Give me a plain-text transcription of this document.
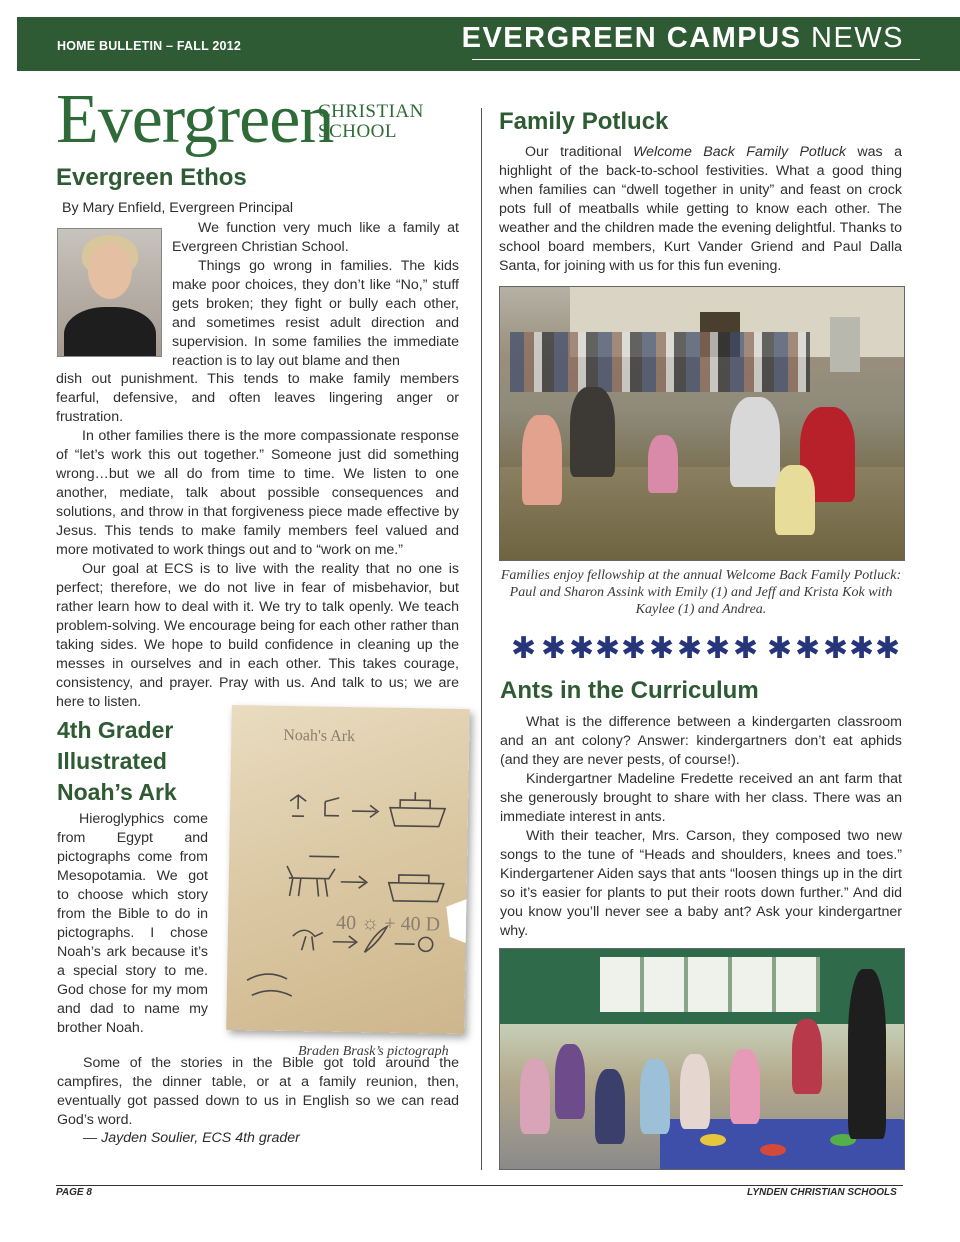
HOME BULLETIN – FALL 2012	EVERGREEN CAMPUS NEWS
Evergreen
CHRISTIAN
SCHOOL
Evergreen Ethos
By Mary Enfield, Evergreen Principal

We function very much like a family at Evergreen Christian School.

Things go wrong in families. The kids make poor choices, they don’t like “No,” stuff gets broken; they fight or bully each other, and sometimes resist adult direction and supervision. In some families the immediate reaction is to lay out blame and then

dish out punishment. This tends to make family members fearful, defensive, and often leaves lingering anger or frustration.

In other families there is the more compassionate response of “let’s work this out together.” Someone just did something wrong…but we all do from time to time. We listen to one another, mediate, talk about possible consequences and solutions, and throw in that forgiveness piece made effective by Jesus. This tends to make family members feel valued and more motivated to work things out and to “work on me.”

Our goal at ECS is to live with the reality that no one is perfect; therefore, we do not live in fear of misbehavior, but rather learn how to deal with it. We try to talk openly. We teach problem-solving. We encourage being for each other rather than taking sides. We hope to build confidence in cleaning up the messes in ourselves and in each other. This takes courage, consistency, and prayer. Pray with us. And talk to us; we are here to listen.

4th Grader
Illustrated
Noah’s Ark

Hieroglyphics come from Egypt and pictographs come from Mesopotamia. We got to choose which story from the Bible to do in pictographs. I chose Noah’s ark because it’s a special story to me. God chose for my mom and dad to name my brother Noah.

Some of the stories in the Bible got told around the campfires, the dinner table, or at a family reunion, then, eventually got passed down to us in English so we can read God’s word.

— Jayden Soulier, ECS 4th grader
Noah's Ark
40 ☼ + 40 D
Braden Brask’s pictograph
Family Potluck

Our traditional Welcome Back Family Potluck was a highlight of the back-to-school festivities. What a good thing when families can “dwell together in unity” and feast on crock pots full of meatballs while getting to know each other. The weather and the children made the evening delightful. Thanks to school board members, Kurt Vander Griend and Paul Dalla Santa, for joining with us for this fun evening.

Families enjoy fellowship at the annual Welcome Back Family Potluck: Paul and Sharon Assink with Emily (1) and Jeff and Krista Kok with Kaylee (1) and Andrea.
✱ ✱ ✱ ✱ ✱ ✱ ✱ ✱ ✱ ✱ ✱ ✱ ✱ ✱
Ants in the Curriculum

What is the difference between a kindergarten classroom and an ant colony? Answer: kindergartners don’t eat aphids (and they are never pests, of course!).

Kindergartner Madeline Fredette received an ant farm that she generously brought to share with her class. There was an immediate interest in ants.

With their teacher, Mrs. Carson, they composed two new songs to the tune of “Heads and shoulders, knees and toes.” Kindergartener Aiden says that ants “loosen things up in the dirt so it’s easier for plants to put their roots down further.” And did you know you’ll never see a baby ant? Ask your kindergartner why.

PAGE 8	LYNDEN CHRISTIAN SCHOOLS
